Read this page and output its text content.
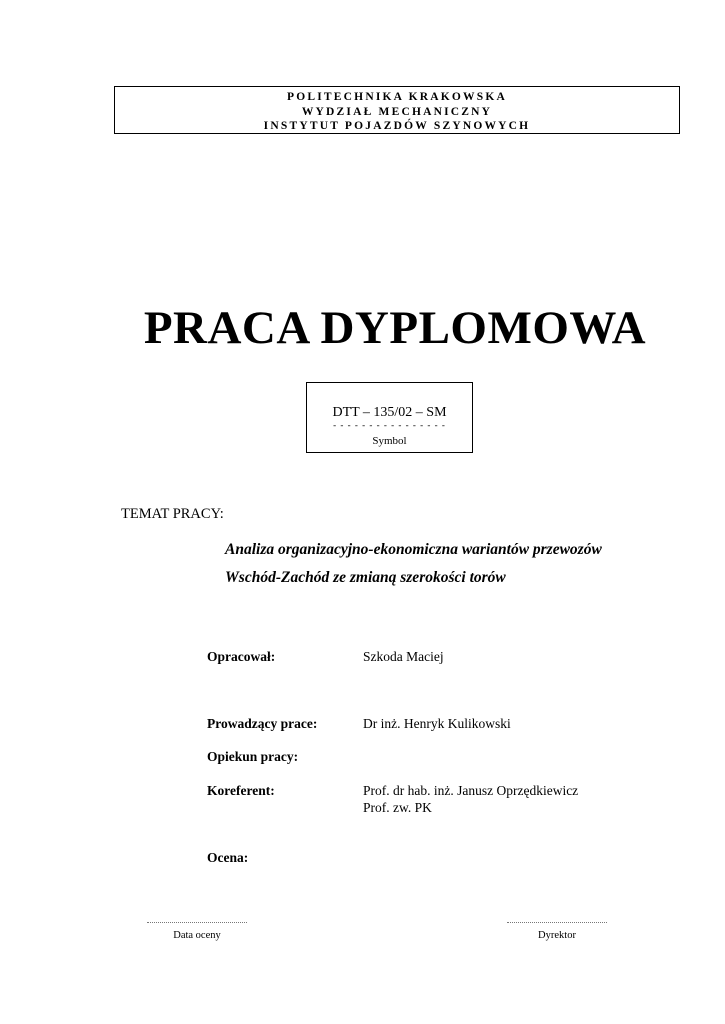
POLITECHNIKA KRAKOWSKA
WYDZIAŁ MECHANICZNY
INSTYTUT POJAZDÓW SZYNOWYCH
PRACA DYPLOMOWA
DTT – 135/02 – SM
- - - - - - - - - - - - - - - -
Symbol
TEMAT PRACY:
Analiza organizacyjno-ekonomiczna wariantów przewozów
Wschód-Zachód ze zmianą szerokości torów
Opracował:	Szkoda Maciej
Prowadzący prace:	Dr inż. Henryk Kulikowski
Opiekun pracy:
Koreferent:	Prof. dr hab. inż. Janusz Oprzędkiewicz
Prof. zw. PK
Ocena:
Data oceny	Dyrektor
